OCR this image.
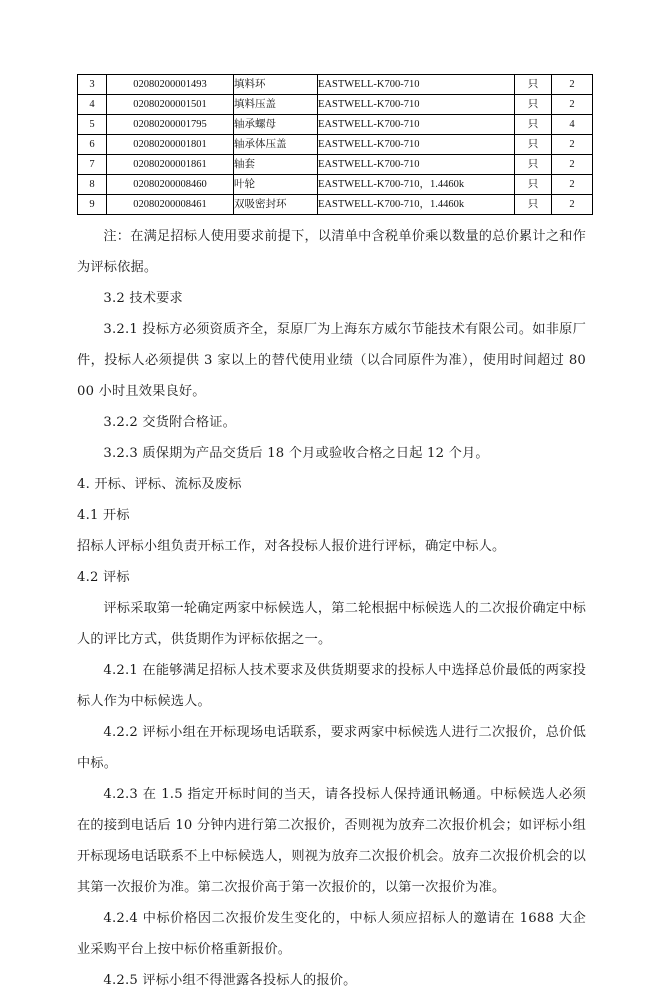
3	02080200001493	填料环	EASTWELL-K700-710	只	2
4	02080200001501	填料压盖	EASTWELL-K700-710	只	2
5	02080200001795	轴承螺母	EASTWELL-K700-710	只	4
6	02080200001801	轴承体压盖	EASTWELL-K700-710	只	2
7	02080200001861	轴套	EASTWELL-K700-710	只	2
8	02080200008460	叶轮	EASTWELL-K700-710，1.4460k	只	2
9	02080200008461	双吸密封环	EASTWELL-K700-710，1.4460k	只	2

注：在满足招标人使用要求前提下，以清单中含税单价乘以数量的总价累计之和作为评标依据。

3.2 技术要求

3.2.1 投标方必须资质齐全，泵原厂为上海东方威尔节能技术有限公司。如非原厂件，投标人必须提供 3 家以上的替代使用业绩（以合同原件为准），使用时间超过 8000 小时且效果良好。

3.2.2 交货附合格证。

3.2.3 质保期为产品交货后 18 个月或验收合格之日起 12 个月。

4. 开标、评标、流标及废标

4.1 开标

招标人评标小组负责开标工作，对各投标人报价进行评标，确定中标人。

4.2 评标

评标采取第一轮确定两家中标候选人，第二轮根据中标候选人的二次报价确定中标人的评比方式，供货期作为评标依据之一。

4.2.1 在能够满足招标人技术要求及供货期要求的投标人中选择总价最低的两家投标人作为中标候选人。

4.2.2 评标小组在开标现场电话联系，要求两家中标候选人进行二次报价，总价低中标。

4.2.3 在 1.5 指定开标时间的当天，请各投标人保持通讯畅通。中标候选人必须在的接到电话后 10 分钟内进行第二次报价，否则视为放弃二次报价机会；如评标小组开标现场电话联系不上中标候选人，则视为放弃二次报价机会。放弃二次报价机会的以其第一次报价为准。第二次报价高于第一次报价的，以第一次报价为准。

4.2.4 中标价格因二次报价发生变化的，中标人须应招标人的邀请在 1688 大企业采购平台上按中标价格重新报价。

4.2.5 评标小组不得泄露各投标人的报价。
